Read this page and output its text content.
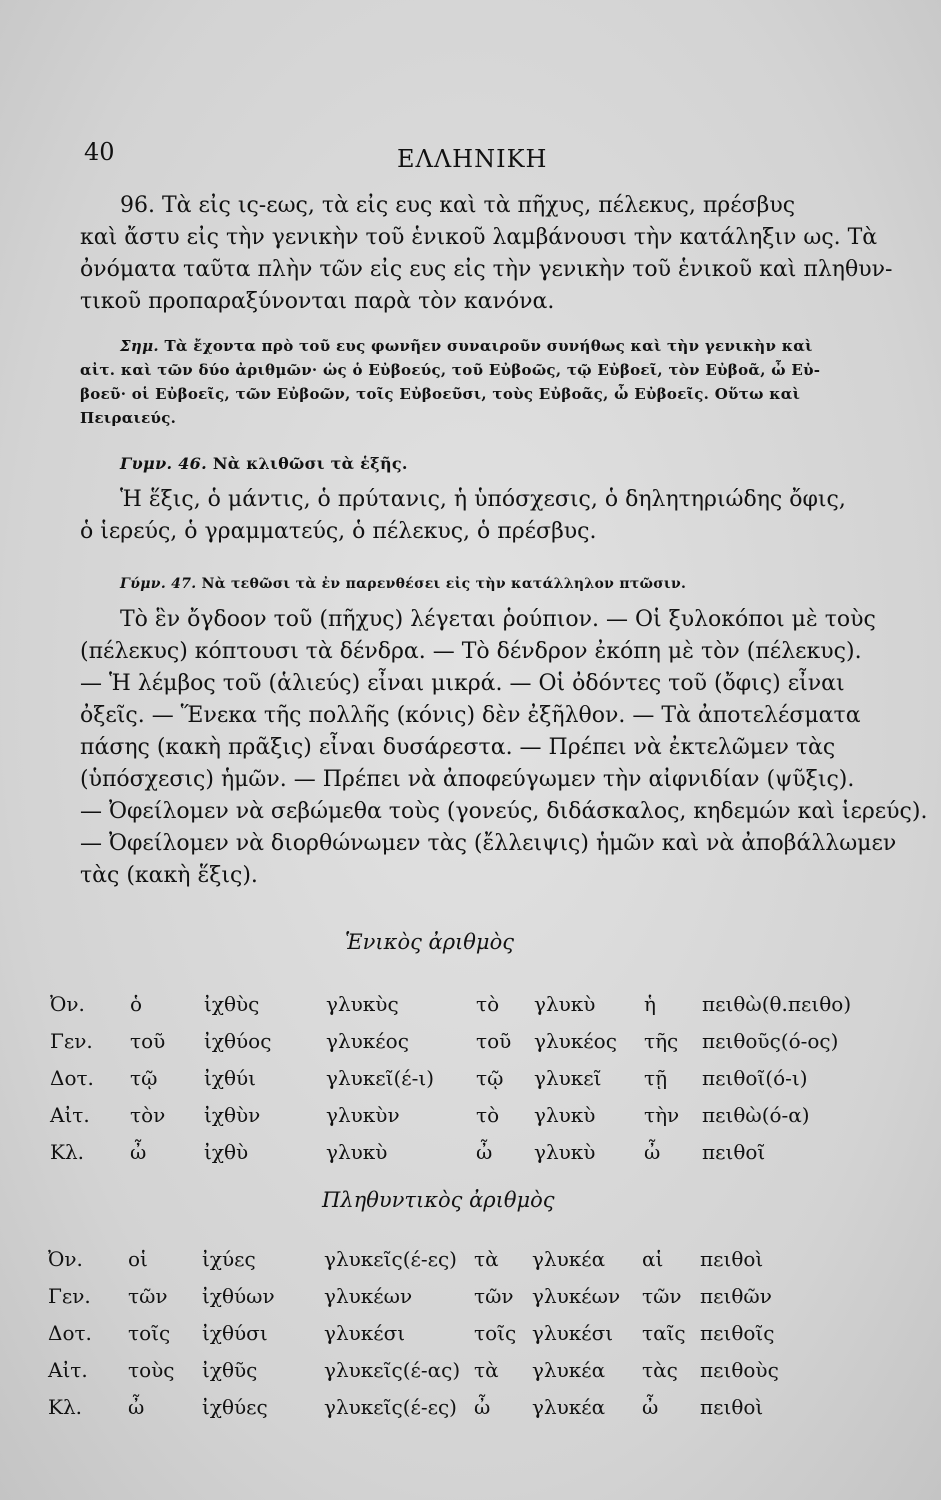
40	ΕΛΛΗΝΙΚΗ
96. Τὰ εἰς ις-εως, τὰ εἰς ευς καὶ τὰ πῆχυς, πέλεκυς, πρέσβυς
καὶ ἄστυ εἰς τὴν γενικὴν τοῦ ἑνικοῦ λαμβάνουσι τὴν κατάληξιν ως. Τὰ
ὀνόματα ταῦτα πλὴν τῶν εἰς ευς εἰς τὴν γενικὴν τοῦ ἑνικοῦ καὶ πληθυν-
τικοῦ προπαραξύνονται παρὰ τὸν κανόνα.
Σημ. Τὰ ἔχοντα πρὸ τοῦ ευς φωνῆεν συναιροῦν συνήθως καὶ τὴν γενικὴν καὶ
αἰτ. καὶ τῶν δύο ἀριθμῶν· ὡς ὁ Εὐβοεύς, τοῦ Εὐβοῶς, τῷ Εὐβοεῖ, τὸν Εὐβοᾶ, ὦ Εὐ-
βοεῦ· οἱ Εὐβοεῖς, τῶν Εὐβοῶν, τοῖς Εὐβοεῦσι, τοὺς Εὐβοᾶς, ὦ Εὐβοεῖς. Οὕτω καὶ
Πειραιεύς.
Γυμν. 46. Νὰ κλιθῶσι τὰ ἑξῆς.
Ἡ ἕξις, ὁ μάντις, ὁ πρύτανις, ἡ ὑπόσχεσις, ὁ δηλητηριώδης ὄφις,
ὁ ἱερεύς, ὁ γραμματεύς, ὁ πέλεκυς, ὁ πρέσβυς.
Γύμν. 47. Νὰ τεθῶσι τὰ ἐν παρενθέσει εἰς τὴν κατάλληλον πτῶσιν.
Τὸ ἓν ὄγδοον τοῦ (πῆχυς) λέγεται ῥούπιον. — Οἱ ξυλοκόποι μὲ τοὺς
(πέλεκυς) κόπτουσι τὰ δένδρα. — Τὸ δένδρον ἐκόπη μὲ τὸν (πέλεκυς).
— Ἡ λέμβος τοῦ (ἁλιεύς) εἶναι μικρά. — Οἱ ὀδόντες τοῦ (ὄφις) εἶναι
ὀξεῖς. — Ἕνεκα τῆς πολλῆς (κόνις) δὲν ἐξῆλθον. — Τὰ ἀποτελέσματα
πάσης (κακὴ πρᾶξις) εἶναι δυσάρεστα. — Πρέπει νὰ ἐκτελῶμεν τὰς
(ὑπόσχεσις) ἡμῶν. — Πρέπει νὰ ἀποφεύγωμεν τὴν αἰφνιδίαν (ψῦξις).
— Ὀφείλομεν νὰ σεβώμεθα τοὺς (γονεύς, διδάσκαλος, κηδεμών καὶ ἱερεύς).
— Ὀφείλομεν νὰ διορθώνωμεν τὰς (ἔλλειψις) ἡμῶν καὶ νὰ ἀποβάλλωμεν
τὰς (κακὴ ἕξις).
Ἑνικὸς ἀριθμὸς
Ὀν.	ὁ	ἰχθὺς	γλυκὺς	τὸ	γλυκὺ	ἡ	πειθὼ(θ.πειθο)
Γεν.	τοῦ	ἰχθύος	γλυκέος	τοῦ	γλυκέος	τῆς	πειθοῦς(ό-ος)
Δοτ.	τῷ	ἰχθύι	γλυκεῖ(έ-ι)	τῷ	γλυκεῖ	τῇ	πειθοῖ(ό-ι)
Αἰτ.	τὸν	ἰχθὺν	γλυκὺν	τὸ	γλυκὺ	τὴν	πειθὼ(ό-α)
Κλ.	ὦ	ἰχθὺ	γλυκὺ	ὦ	γλυκὺ	ὦ	πειθοῖ
Πληθυντικὸς ἀριθμὸς
Ὀν.	οἱ	ἰχύες	γλυκεῖς(έ-ες)	τὰ	γλυκέα	αἱ	πειθοὶ
Γεν.	τῶν	ἰχθύων	γλυκέων	τῶν	γλυκέων	τῶν	πειθῶν
Δοτ.	τοῖς	ἰχθύσι	γλυκέσι	τοῖς	γλυκέσι	ταῖς	πειθοῖς
Αἰτ.	τοὺς	ἰχθῦς	γλυκεῖς(έ-ας)	τὰ	γλυκέα	τὰς	πειθοὺς
Κλ.	ὦ	ἰχθύες	γλυκεῖς(έ-ες)	ὦ	γλυκέα	ὦ	πειθοὶ
